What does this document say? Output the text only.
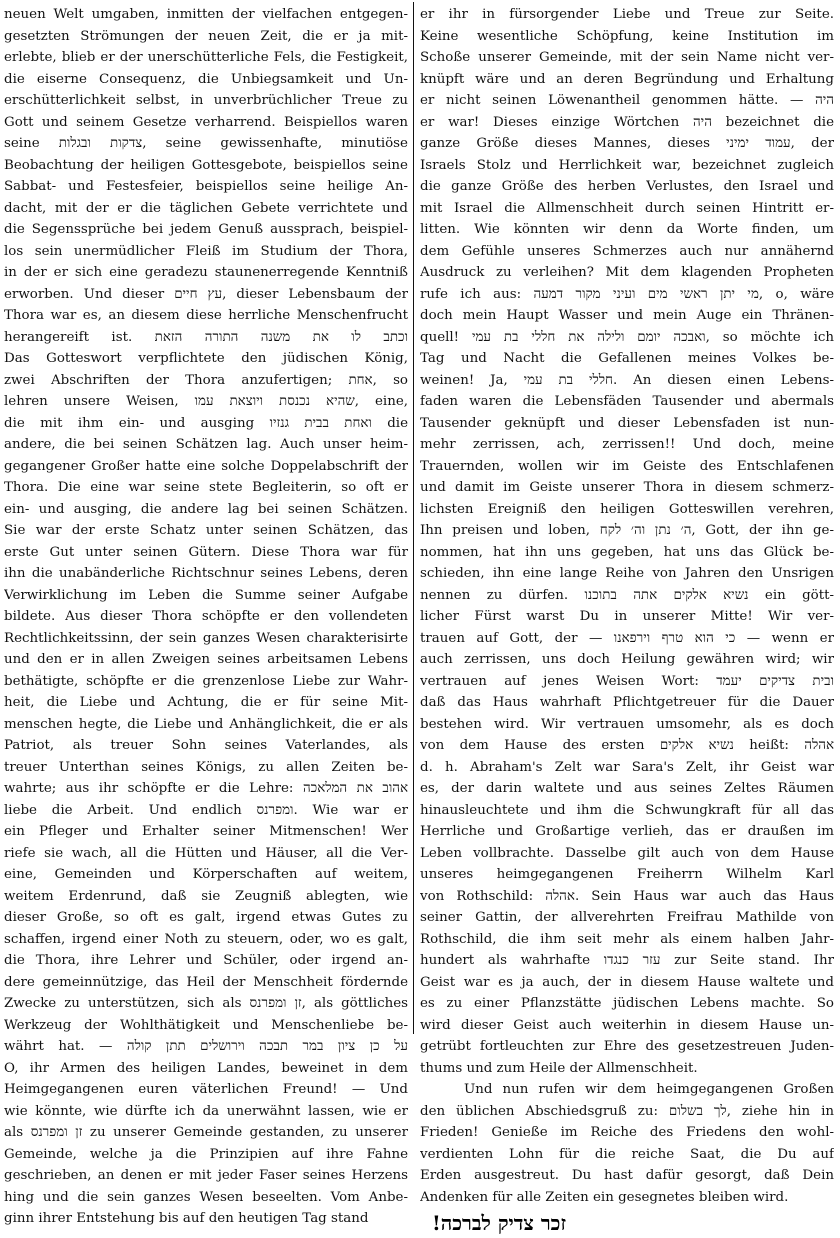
neuen Welt umgaben, inmitten der vielfachen entgegen-
gesetzten Strömungen der neuen Zeit, die er ja mit-
erlebte, blieb er der unerschütterliche Fels, die Festigkeit,
die eiserne Consequenz, die Unbiegsamkeit und Un-
erschütterlichkeit selbst, in unverbrüchlicher Treue zu
Gott und seinem Gesetze verharrend. Beispiellos waren
seine צדקות ובגלות, seine gewissenhafte, minutiöse
Beobachtung der heiligen Gottesgebote, beispiellos seine
Sabbat- und Festesfeier, beispiellos seine heilige An-
dacht, mit der er die täglichen Gebete verrichtete und
die Segenssprüche bei jedem Genuß aussprach, beispiel-
los sein unermüdlicher Fleiß im Studium der Thora,
in der er sich eine geradezu staunenerregende Kenntniß
erworben. Und dieser עץ חיים, dieser Lebensbaum der
Thora war es, an diesem diese herrliche Menschenfrucht
herangereift ist. וכתב לו את משנה התורה הזאת
Das Gotteswort verpflichtete den jüdischen König,
zwei Abschriften der Thora anzufertigen; אחת, so
lehren unsere Weisen, שהיא נכנסת ויוצאת עמו, eine,
die mit ihm ein- und ausging ואחת בבית גנזיו die
andere, die bei seinen Schätzen lag. Auch unser heim-
gegangener Großer hatte eine solche Doppelabschrift der
Thora. Die eine war seine stete Begleiterin, so oft er
ein- und ausging, die andere lag bei seinen Schätzen.
Sie war der erste Schatz unter seinen Schätzen, das
erste Gut unter seinen Gütern. Diese Thora war für
ihn die unabänderliche Richtschnur seines Lebens, deren
Verwirklichung im Leben die Summe seiner Aufgabe
bildete. Aus dieser Thora schöpfte er den vollendeten
Rechtlichkeitssinn, der sein ganzes Wesen charakterisirte
und den er in allen Zweigen seines arbeitsamen Lebens
bethätigte, schöpfte er die grenzenlose Liebe zur Wahr-
heit, die Liebe und Achtung, die er für seine Mit-
menschen hegte, die Liebe und Anhänglichkeit, die er als
Patriot, als treuer Sohn seines Vaterlandes, als
treuer Unterthan seines Königs, zu allen Zeiten be-
wahrte; aus ihr schöpfte er die Lehre: אהוב את המלאכה
liebe die Arbeit. Und endlich ומפרנס. Wie war er
ein Pfleger und Erhalter seiner Mitmenschen! Wer
riefe sie wach, all die Hütten und Häuser, all die Ver-
eine, Gemeinden und Körperschaften auf weitem,
weitem Erdenrund, daß sie Zeugniß ablegten, wie
dieser Große, so oft es galt, irgend etwas Gutes zu
schaffen, irgend einer Noth zu steuern, oder, wo es galt,
die Thora, ihre Lehrer und Schüler, oder irgend an-
dere gemeinnützige, das Heil der Menschheit fördernde
Zwecke zu unterstützen, sich als זן ומפרנס, als göttliches
Werkzeug der Wohlthätigkeit und Menschenliebe be-
währt hat. — על כן ציון במר תבכה וירושלים תתן קולה
O, ihr Armen des heiligen Landes, beweinet in dem
Heimgegangenen euren väterlichen Freund! — Und
wie könnte, wie dürfte ich da unerwähnt lassen, wie er
als זן ומפרנס zu unserer Gemeinde gestanden, zu unserer
Gemeinde, welche ja die Prinzipien auf ihre Fahne
geschrieben, an denen er mit jeder Faser seines Herzens
hing und die sein ganzes Wesen beseelten. Vom Anbe-
ginn ihrer Entstehung bis auf den heutigen Tag stand
er ihr in fürsorgender Liebe und Treue zur Seite.
Keine wesentliche Schöpfung, keine Institution im
Schoße unserer Gemeinde, mit der sein Name nicht ver-
knüpft wäre und an deren Begründung und Erhaltung
er nicht seinen Löwenantheil genommen hätte. — היה
er war! Dieses einzige Wörtchen היה bezeichnet die
ganze Größe dieses Mannes, dieses עמוד ימיני, der
Israels Stolz und Herrlichkeit war, bezeichnet zugleich
die ganze Größe des herben Verlustes, den Israel und
mit Israel die Allmenschheit durch seinen Hintritt er-
litten. Wie könnten wir denn da Worte finden, um
dem Gefühle unseres Schmerzes auch nur annähernd
Ausdruck zu verleihen? Mit dem klagenden Propheten
rufe ich aus: מי יתן ראשי מים ועיני מקור דמעה, o, wäre
doch mein Haupt Wasser und mein Auge ein Thränen-
quell! ואבכה יומם ולילה את חללי בת עמי, so möchte ich
Tag und Nacht die Gefallenen meines Volkes be-
weinen! Ja, חללי בת עמי. An diesen einen Lebens-
faden waren die Lebensfäden Tausender und abermals
Tausender geknüpft und dieser Lebensfaden ist nun-
mehr zerrissen, ach, zerrissen!! Und doch, meine
Trauernden, wollen wir im Geiste des Entschlafenen
und damit im Geiste unserer Thora in diesem schmerz-
lichsten Ereigniß den heiligen Gotteswillen verehren,
Ihn preisen und loben, ה׳ נתן וה׳ לקח, Gott, der ihn ge-
nommen, hat ihn uns gegeben, hat uns das Glück be-
schieden, ihn eine lange Reihe von Jahren den Unsrigen
nennen zu dürfen. נשיא אלקים אתה בתוכנו ein gött-
licher Fürst warst Du in unserer Mitte! Wir ver-
trauen auf Gott, der — כי הוא טרף וירפאנו — wenn er
auch zerrissen, uns doch Heilung gewähren wird; wir
vertrauen auf jenes Weisen Wort: ובית צדיקים יעמד
daß das Haus wahrhaft Pflichtgetreuer für die Dauer
bestehen wird. Wir vertrauen umsomehr, als es doch
von dem Hause des ersten נשיא אלקים heißt: אהלה
d. h. Abraham's Zelt war Sara's Zelt, ihr Geist war
es, der darin waltete und aus seines Zeltes Räumen
hinausleuchtete und ihm die Schwungkraft für all das
Herrliche und Großartige verlieh, das er draußen im
Leben vollbrachte. Dasselbe gilt auch von dem Hause
unseres heimgegangenen Freiherrn Wilhelm Karl
von Rothschild: אהלה. Sein Haus war auch das Haus
seiner Gattin, der allverehrten Freifrau Mathilde von
Rothschild, die ihm seit mehr als einem halben Jahr-
hundert als wahrhafte עזר כנגדו zur Seite stand. Ihr
Geist war es ja auch, der in diesem Hause waltete und
es zu einer Pflanzstätte jüdischen Lebens machte. So
wird dieser Geist auch weiterhin in diesem Hause un-
getrübt fortleuchten zur Ehre des gesetzestreuen Juden-
thums und zum Heile der Allmenschheit.
Und nun rufen wir dem heimgegangenen Großen
den üblichen Abschiedsgruß zu: לך בשלום, ziehe hin in
Frieden! Genieße im Reiche des Friedens den wohl-
verdienten Lohn für die reiche Saat, die Du auf
Erden ausgestreut. Du hast dafür gesorgt, daß Dein
Andenken für alle Zeiten ein gesegnetes bleiben wird.
זכר צדיק לברכה!
